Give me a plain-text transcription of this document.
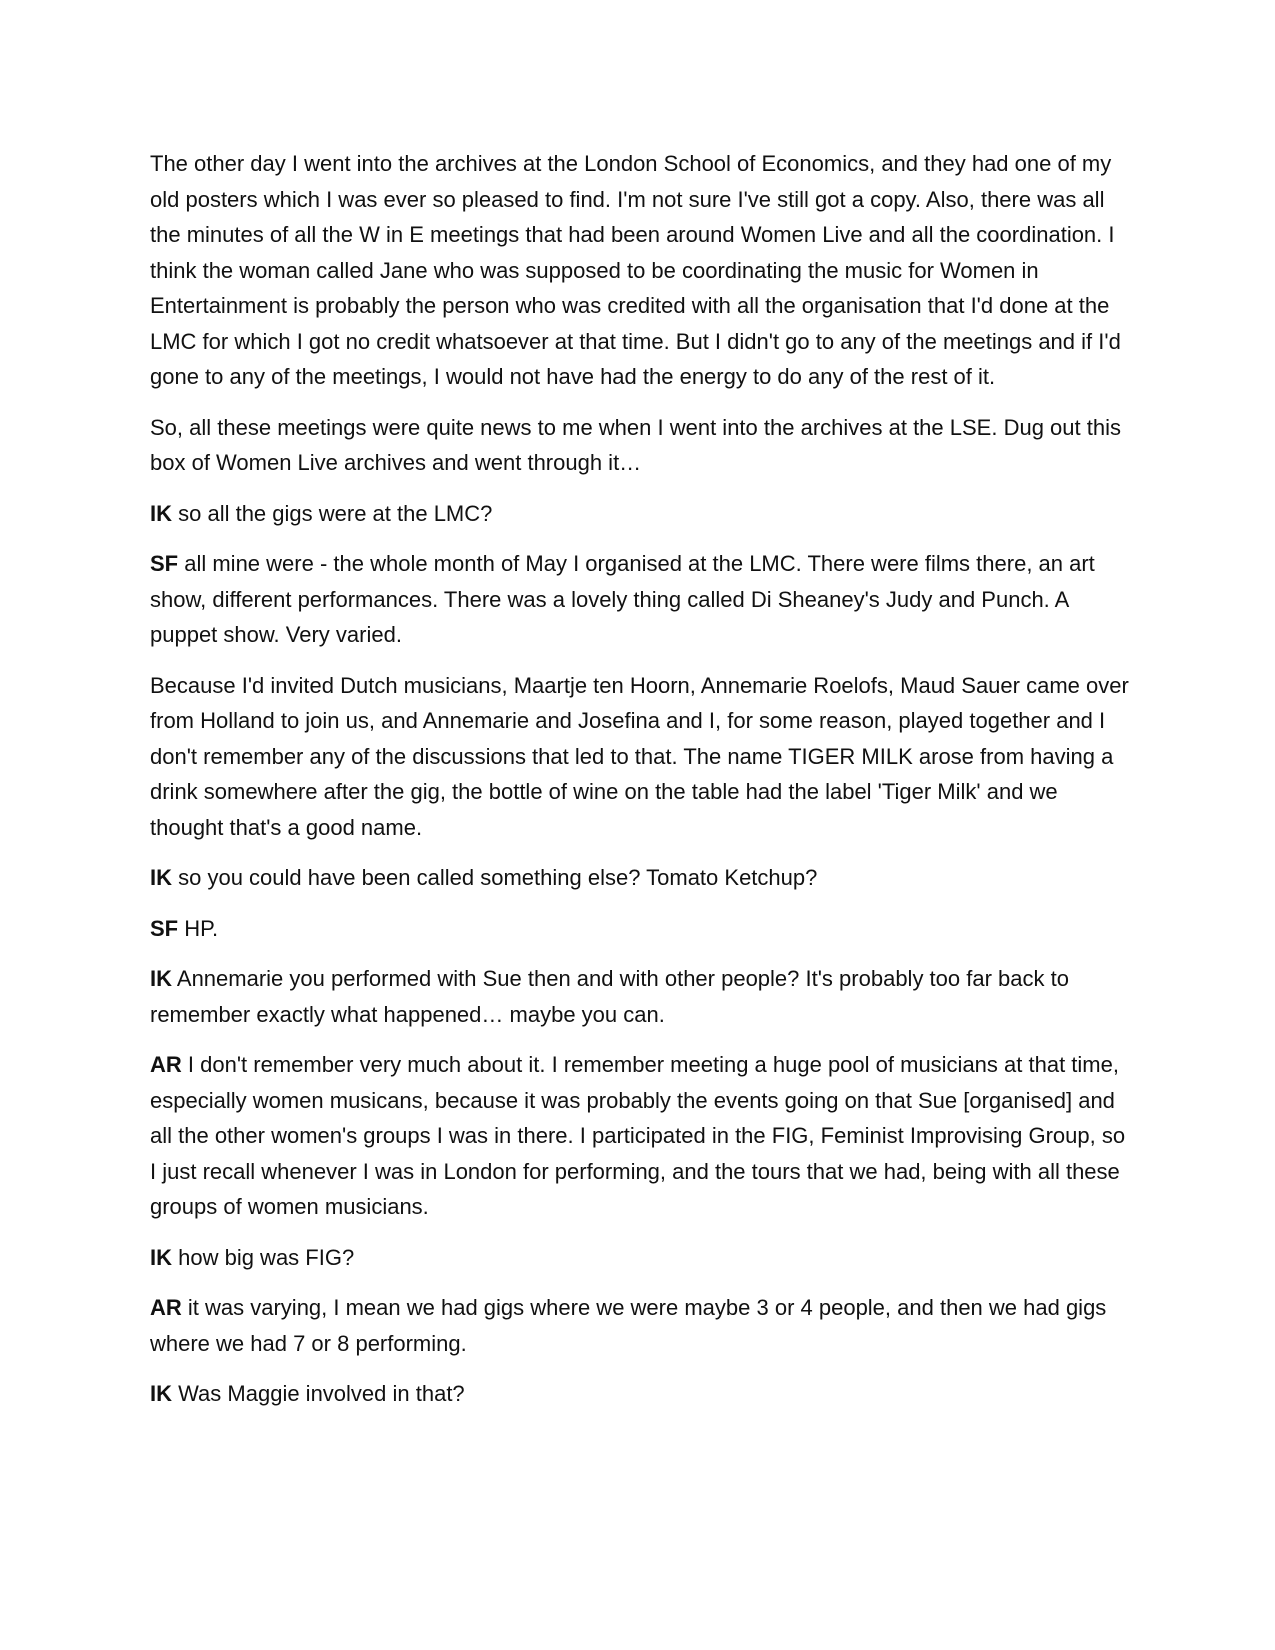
The other day I went into the archives at the London School of Economics, and they had one of my old posters which I was ever so pleased to find. I'm not sure I've still got a copy. Also, there was all the minutes of all the W in E meetings that had been around Women Live and all the coordination. I think the woman called Jane who was supposed to be coordinating the music for Women in Entertainment is probably the person who was credited with all the organisation that I'd done at the LMC for which I got no credit whatsoever at that time. But I didn't go to any of the meetings and if I'd gone to any of the meetings, I would not have had the energy to do any of the rest of it.

So, all these meetings were quite news to me when I went into the archives at the LSE. Dug out this box of Women Live archives and went through it…

IK so all the gigs were at the LMC?

SF all mine were - the whole month of May I organised at the LMC. There were films there, an art show, different performances. There was a lovely thing called Di Sheaney's Judy and Punch. A puppet show. Very varied.

Because I'd invited Dutch musicians, Maartje ten Hoorn, Annemarie Roelofs, Maud Sauer came over from Holland to join us, and Annemarie and Josefina and I, for some reason, played together and I don't remember any of the discussions that led to that. The name TIGER MILK arose from having a drink somewhere after the gig, the bottle of wine on the table had the label 'Tiger Milk' and we thought that's a good name.

IK so you could have been called something else? Tomato Ketchup?

SF HP.

IK Annemarie you performed with Sue then and with other people? It's probably too far back to remember exactly what happened… maybe you can.

AR I don't remember very much about it. I remember meeting a huge pool of musicians at that time, especially women musicans, because it was probably the events going on that Sue [organised] and all the other women's groups I was in there. I participated in the FIG, Feminist Improvising Group, so I just recall whenever I was in London for performing, and the tours that we had, being with all these groups of women musicians.

IK how big was FIG?

AR it was varying, I mean we had gigs where we were maybe 3 or 4 people, and then we had gigs where we had 7 or 8 performing.

IK Was Maggie involved in that?
